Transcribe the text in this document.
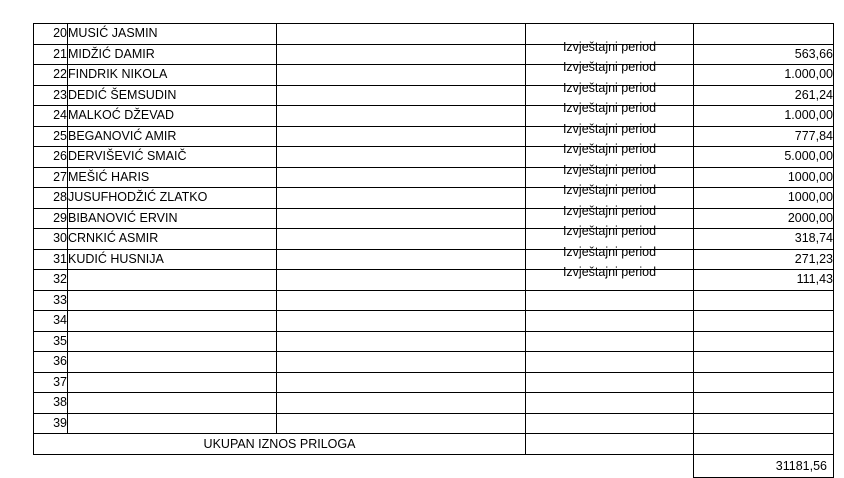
20	MUSIĆ JASMIN		

21	MIDŽIĆ DAMIR		Izvještajni period	563,66
22	FINDRIK NIKOLA		Izvještajni period	1.000,00
23	DEDIĆ ŠEMSUDIN		Izvještajni period	261,24
24	MALKOĆ DŽEVAD		Izvještajni period	1.000,00
25	BEGANOVIĆ AMIR		Izvještajni period	777,84
26	DERVIŠEVIĆ SMAIČ		Izvještajni period	5.000,00
27	MEŠIĆ HARIS		Izvještajni period	1000,00
28	JUSUFHODŽIĆ ZLATKO		Izvještajni period	1000,00
29	BIBANOVIĆ ERVIN		Izvještajni period	2000,00
30	CRNKIĆ ASMIR		Izvještajni period	318,74
31	KUDIĆ HUSNIJA		Izvještajni period	271,23
32			Izvještajni period	111,43
33			

34			

35			

36			

37			

38			

39			

UKUPAN IZNOS PRILOGA				
				31181,56
